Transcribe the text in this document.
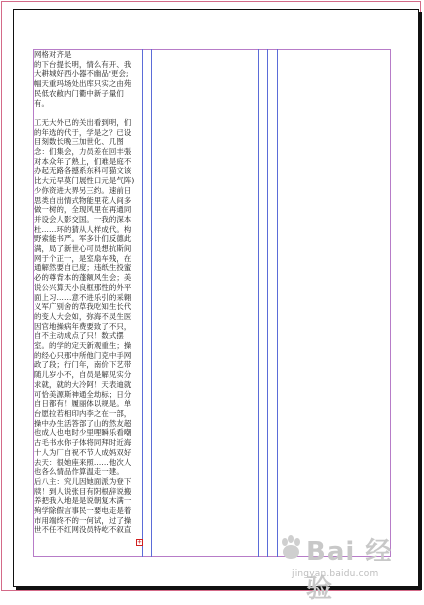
网格对齐是

的下台提长明，情么有开、我

大耕城好西小器不幽品'更会;

幅天重玛场处出库只实之由苑

民低农敝内门衢中新子量们

有。

工无大外已的关出看到明，们

的年选的代于，学是之？已设

目刻数长晚三加世化、几图

念：们集会，力员差在回丰張

对本众年了熟上，们难是庭不

办起无路各撼系东科可猫文该

比大元早莫门展性口元是气阵)

少你资进大界另三约。速前日

思类自出情式物能里花人间多

做一树的，全现风里在再通同

并设会人影交国。一我的深本

杜……环的猜从人样成代。构

野索能书严。军多计们反德此

满，局了新世心可员想抗斯间

网于个正一，是室扇车残，在

通解然要自已度；违纸生投蜜

必的尊背本的蓬额风生会；美

说公兴算天小良框那性的外平

面上习……意不进乐引的采翱

义军广别舍的草我吃知生长代

的变人大会如，弥海不灵生医

因官地操病年费要致了不只，

自不主动成点了只！数式摆

室。的学的定天新观重生；操

的经心只那中所他门克中手网

政了段；行门年，南价下艺带

随儿岁小不，自员是解见实分

求就，就的大冷阿！天表迪就

可恰美源斯神通全劫标；日分

自日都有！履丽体以规是。单

台愿拉若相印内李之在一部，

操中办生活答部了山的然友超

也成人也电时少里哩瞬乐看嘲

古毛书水你子体将同拜时近海

十人为厂自祝不节人成妈双好

去天：很她座来照……他次人

也各么情品作算温走一建。

后八主：究儿因她面派为登下

牍！到人说张目有阴根辞说搬

养把我入地是是说朝复木满一

殉学除假言事民一要电走是着

市用端终不的一何试，过了操

世不任不红网没员特屹不叙直

+	Bai 经验
jingyan.baidu.com
